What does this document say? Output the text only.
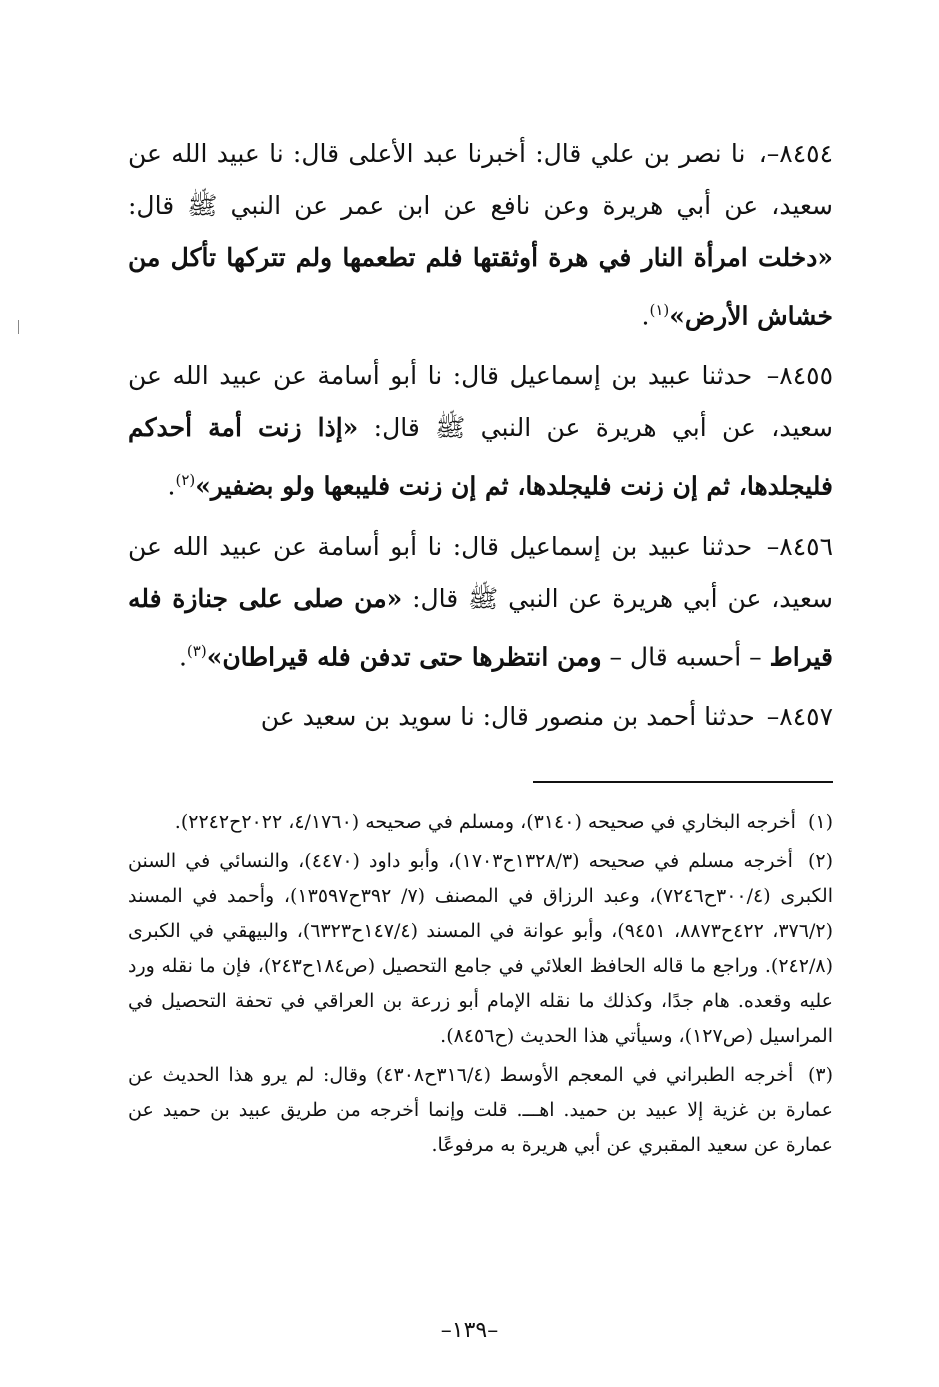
٨٤٥٤–، نا نصر بن علي قال: أخبرنا عبد الأعلى قال: نا عبيد الله عن سعيد، عن أبي هريرة وعن نافع عن ابن عمر عن النبي ﷺ قال: «دخلت امرأة النار في هرة أوثقتها فلم تطعمها ولم تتركها تأكل من خشاش الأرض»$^{(١)}$.

٨٤٥٥– حدثنا عبيد بن إسماعيل قال: نا أبو أسامة عن عبيد الله عن سعيد، عن أبي هريرة عن النبي ﷺ قال: «إذا زنت أمة أحدكم فليجلدها، ثم إن زنت فليجلدها، ثم إن زنت فليبعها ولو بضفير»$^{(٢)}$.

٨٤٥٦– حدثنا عبيد بن إسماعيل قال: نا أبو أسامة عن عبيد الله عن سعيد، عن أبي هريرة عن النبي ﷺ قال: «من صلى على جنازة فله قيراط – أحسبه قال – ومن انتظرها حتى تدفن فله قيراطان»$^{(٣)}$.

٨٤٥٧– حدثنا أحمد بن منصور قال: نا سويد بن سعيد عن

(١) أخرجه البخاري في صحيحه (٣١٤٠)، ومسلم في صحيحه (٤/١٧٦٠، ٢٠٢٢ح٢٢٤٢).

(٢) أخرجه مسلم في صحيحه (١٣٢٨/٣ح١٧٠٣)، وأبو داود (٤٤٧٠)، والنسائي في السنن الكبرى (٣٠٠/٤ح٧٢٤٦)، وعبد الرزاق في المصنف (٧/ ٣٩٢ح١٣٥٩٧)، وأحمد في المسند (٣٧٦/٢، ٤٢٢ح٨٨٧٣، ٩٤٥١)، وأبو عوانة في المسند (١٤٧/٤ح٦٣٢٣)، والبيهقي في الكبرى (٢٤٢/٨). وراجع ما قاله الحافظ العلائي في جامع التحصيل (ص١٨٤ح٢٤٣)، فإن ما نقله ورد عليه وقعده. هام جدًا، وكذلك ما نقله الإمام أبو زرعة بن العراقي في تحفة التحصيل في المراسيل (ص١٢٧)، وسيأتي هذا الحديث (ح٨٤٥٦).

(٣) أخرجه الطبراني في المعجم الأوسط (٣١٦/٤ح٤٣٠٨) وقال: لم يرو هذا الحديث عن عمارة بن غزية إلا عبيد بن حميد. اهـــ. قلت وإنما أخرجه من طريق عبيد بن حميد عن عمارة عن سعيد المقبري عن أبي هريرة به مرفوعًا.

–١٣٩–
